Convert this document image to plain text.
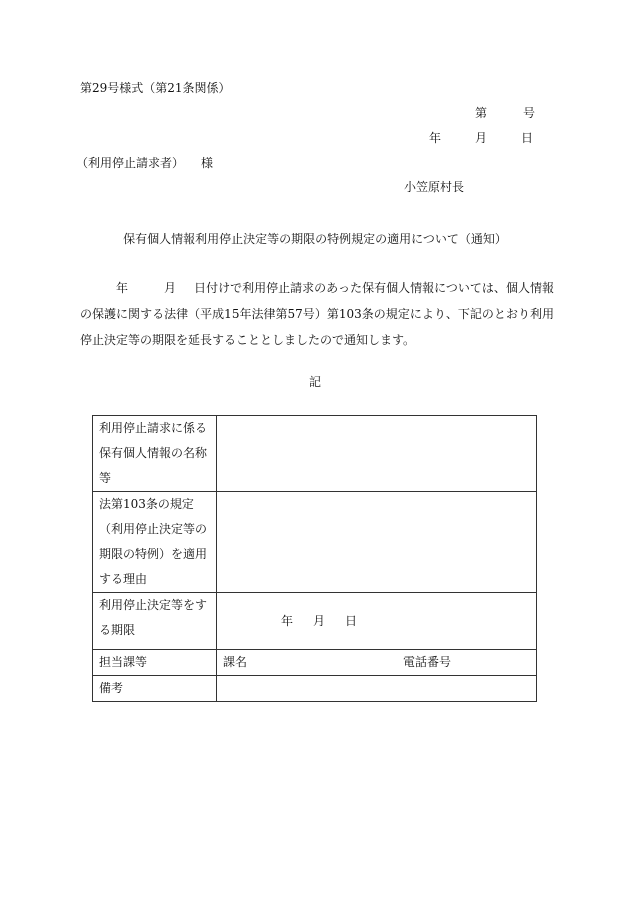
第29号様式（第21条関係）
第	号
年	月	日
（利用停止請求者） 様
小笠原村長
保有個人情報利用停止決定等の期限の特例規定の適用について（通知）
年	月 日付けで利用停止請求のあった保有個人情報については、個人情報の保護に関する法律（平成15年法律第57号）第103条の規定により、下記のとおり利用停止決定等の期限を延長することとしましたので通知します。
記
利用停止請求に係る保有個人情報の名称等	
法第103条の規定（利用停止決定等の期限の特例）を適用する理由	
利用停止決定等をする期限	年 月 日

担当課等	課名 電話番号
備考	
